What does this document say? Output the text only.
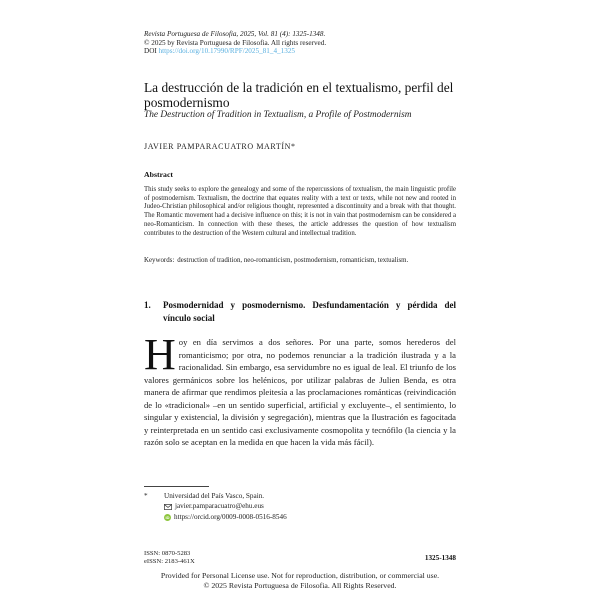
Revista Portuguesa de Filosofia, 2025, Vol. 81 (4): 1325-1348.
© 2025 by Revista Portuguesa de Filosofia. All rights reserved.
DOI https://doi.org/10.17990/RPF/2025_81_4_1325
La destrucción de la tradición en el textualismo, perfil del posmodernismo
The Destruction of Tradition in Textualism, a Profile of Postmodernism
JAVIER PAMPARACUATRO MARTÍN*
Abstract
This study seeks to explore the genealogy and some of the repercussions of textualism, the main linguistic profile of postmodernism. Textualism, the doctrine that equates reality with a text or texts, while not new and rooted in Judeo-Christian philosophical and/or religious thought, represented a discontinuity and a break with that thought. The Romantic movement had a decisive influence on this; it is not in vain that postmodernism can be considered a neo-Romanticism. In connection with these theses, the article addresses the question of how textualism contributes to the destruction of the Western cultural and intellectual tradition.
Keywords: destruction of tradition, neo-romanticism, postmodernism, romanticism, textualism.
1.	Posmodernidad y posmodernismo. Desfundamentación y pérdida del vínculo social
Hoy en día servimos a dos señores. Por una parte, somos herederos del romanticismo; por otra, no podemos renunciar a la tradición ilustrada y a la racionalidad. Sin embargo, esa servidumbre no es igual de leal. El triunfo de los valores germánicos sobre los helénicos, por utilizar palabras de Julien Benda, es otra manera de afirmar que rendimos pleitesía a las proclamaciones románticas (reivindicación de lo «tradicional» –en un sentido superficial, artificial y excluyente–, el sentimiento, lo singular y existencial, la división y segregación), mientras que la Ilustración es fagocitada y reinterpretada en un sentido casi exclusivamente cosmopolita y tecnófilo (la ciencia y la razón solo se aceptan en la medida en que hacen la vida más fácil).
*	Universidad del País Vasco, Spain.
javier.pamparacuatro@ehu.eus
iD https://orcid.org/0009-0008-0516-8546
ISSN: 0870-5283
eISSN: 2183-461X	1325-1348
Provided for Personal License use. Not for reproduction, distribution, or commercial use.
© 2025 Revista Portuguesa de Filosofia. All Rights Reserved.
